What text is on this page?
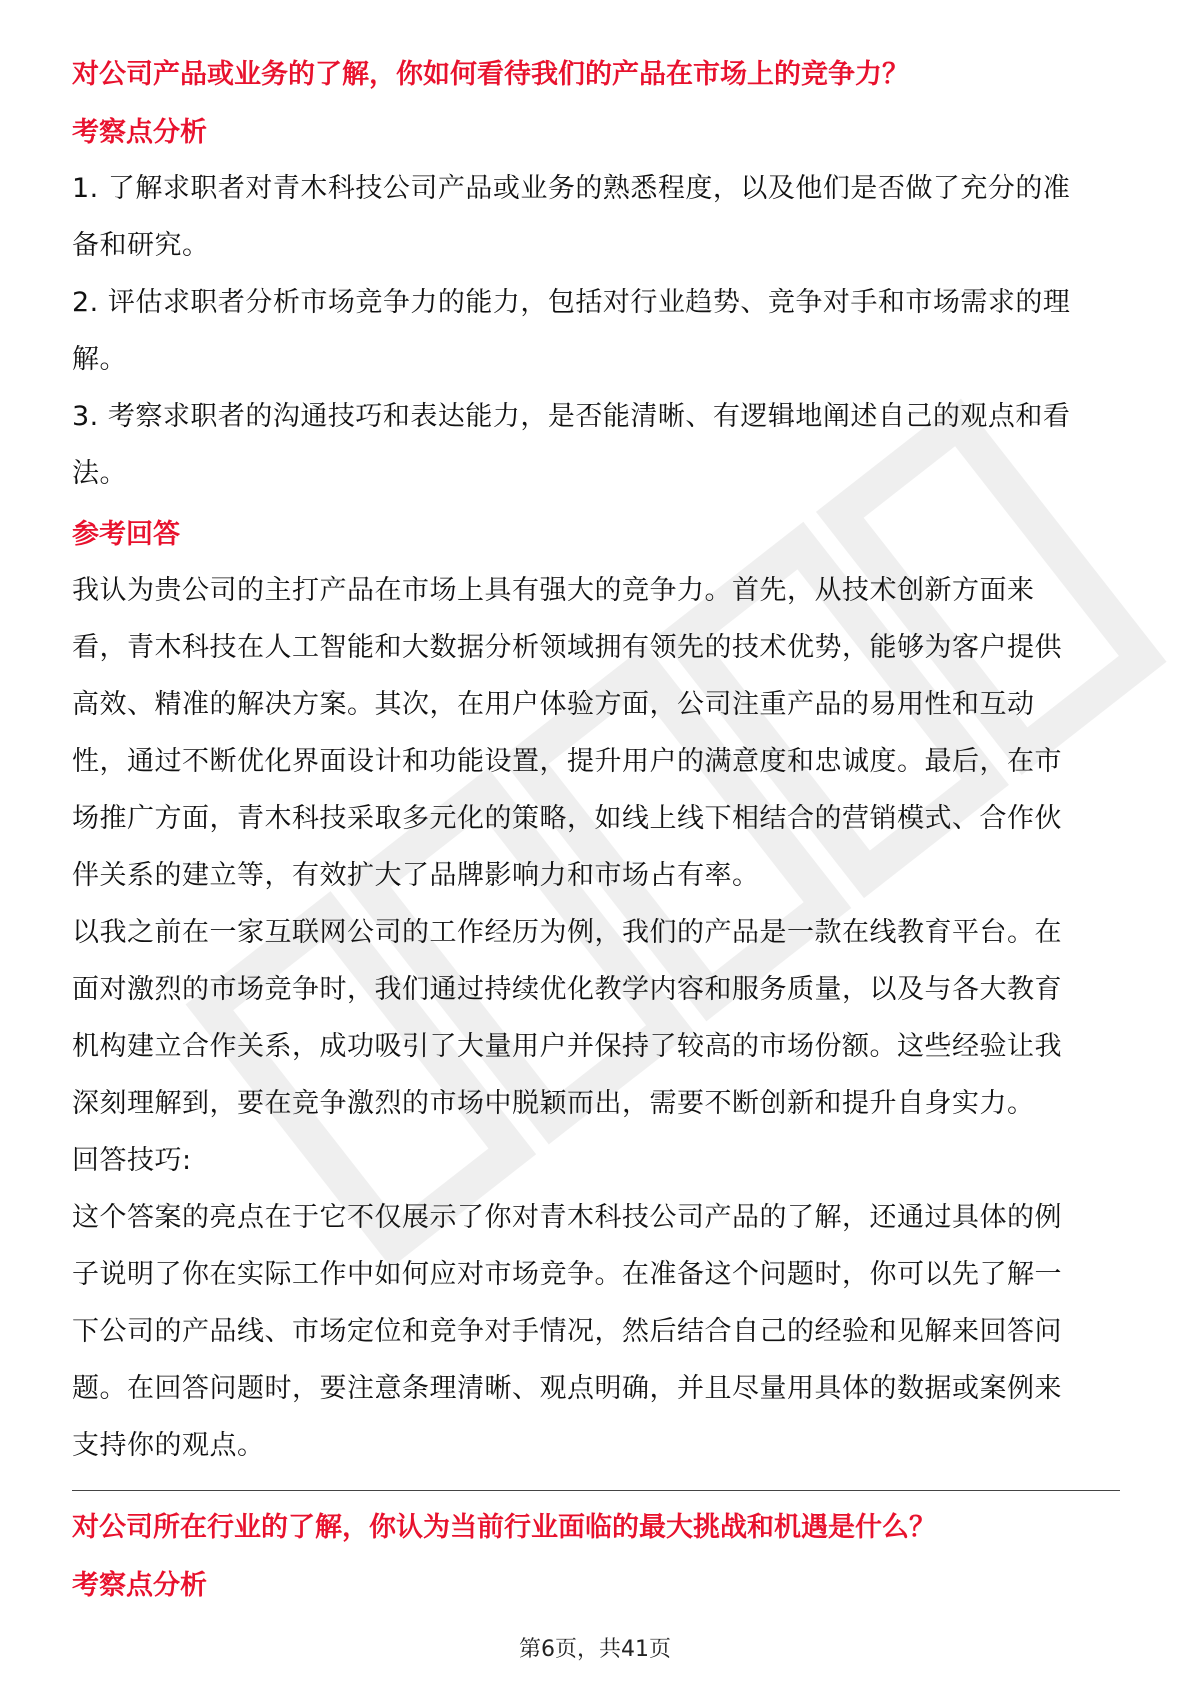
对公司产品或业务的了解，你如何看待我们的产品在市场上的竞争力？
考察点分析

1. 了解求职者对青木科技公司产品或业务的熟悉程度，以及他们是否做了充分的准

备和研究。

2. 评估求职者分析市场竞争力的能力，包括对行业趋势、竞争对手和市场需求的理

解。

3. 考察求职者的沟通技巧和表达能力，是否能清晰、有逻辑地阐述自己的观点和看

法。

参考回答

我认为贵公司的主打产品在市场上具有强大的竞争力。首先，从技术创新方面来

看，青木科技在人工智能和大数据分析领域拥有领先的技术优势，能够为客户提供

高效、精准的解决方案。其次，在用户体验方面，公司注重产品的易用性和互动

性，通过不断优化界面设计和功能设置，提升用户的满意度和忠诚度。最后，在市

场推广方面，青木科技采取多元化的策略，如线上线下相结合的营销模式、合作伙

伴关系的建立等，有效扩大了品牌影响力和市场占有率。

以我之前在一家互联网公司的工作经历为例，我们的产品是一款在线教育平台。在

面对激烈的市场竞争时，我们通过持续优化教学内容和服务质量，以及与各大教育

机构建立合作关系，成功吸引了大量用户并保持了较高的市场份额。这些经验让我

深刻理解到，要在竞争激烈的市场中脱颖而出，需要不断创新和提升自身实力。

回答技巧:

这个答案的亮点在于它不仅展示了你对青木科技公司产品的了解，还通过具体的例

子说明了你在实际工作中如何应对市场竞争。在准备这个问题时，你可以先了解一

下公司的产品线、市场定位和竞争对手情况，然后结合自己的经验和见解来回答问

题。在回答问题时，要注意条理清晰、观点明确，并且尽量用具体的数据或案例来

支持你的观点。

对公司所在行业的了解，你认为当前行业面临的最大挑战和机遇是什么？
考察点分析
第6页，共41页
